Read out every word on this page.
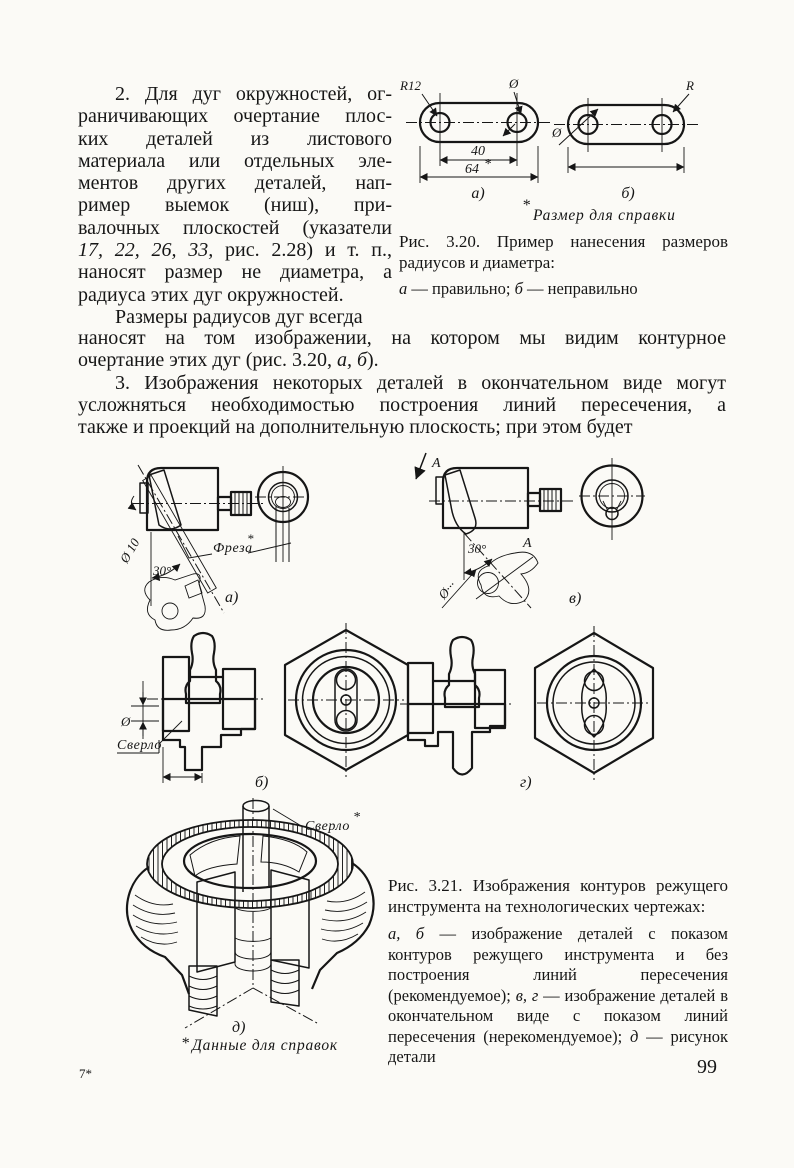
2. Для дуг окружностей, ог-
раничивающих очертание плос-
ких деталей из листового
материала или отдельных эле-
ментов других деталей, нап-
ример выемок (ниш), при-
валочных плоскостей (указатели
17, 22, 26, 33, рис. 2.28) и т. п.,
наносят размер не диаметра, а
радиуса этих дуг окружностей.
Размеры радиусов дуг всегда
наносят на том изображении, на котором мы видим контурное
очертание этих дуг (рис. 3.20, а, б).
3. Изображения некоторых деталей в окончательном виде могут
усложняться необходимостью построения линий пересечения, а
также и проекций на дополнительную плоскость; при этом будет
R12	Ø
40
64 *
а)
R
Ø
б)
*
Размер для справки
Рис. 3.20. Пример нанесения размеров
радиусов и диаметра:
а — правильно; б — неправильно
Ø 10
30°
Фреза
*
а)
A
30°
Ø···
A
в)
Ø
Сверло
б)	г)
Сверло
*
д)
* Данные для справок
Рис. 3.21. Изображения контуров режущего инструмента на технологических чертежах:
а, б — изображение деталей с показом контуров режущего инструмента и без построения линий пересечения (рекомендуемое); в, г — изображение деталей в окончательном виде с показом линий пересечения (нерекомендуемое); д — рисунок детали
7*	99
